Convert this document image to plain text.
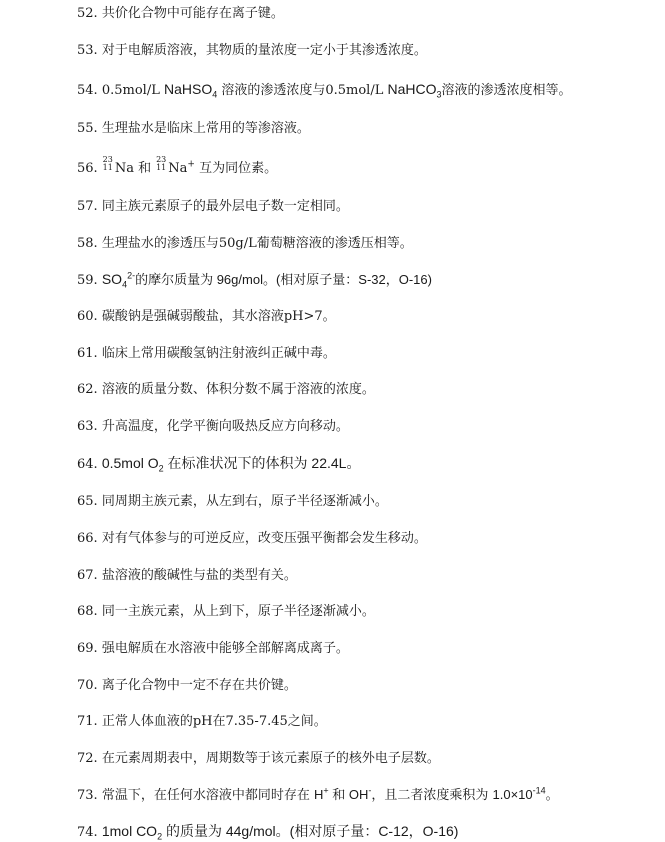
52. 共价化合物中可能存在离子键。
53. 对于电解质溶液，其物质的量浓度一定小于其渗透浓度。
54. 0.5mol/L NaHSO$_4$ 溶液的渗透浓度与0.5mol/L NaHCO$_3$溶液的渗透浓度相等。
55. 生理盐水是临床上常用的等渗溶液。
56.
23
11 Na 和
23
11 Na+ 互为同位素。
57. 同主族元素原子的最外层电子数一定相同。
58. 生理盐水的渗透压与50g/L葡萄糖溶液的渗透压相等。
59. $SO_4^{2-}$的摩尔质量为 96g/mol。(相对原子量：S-32，O-16)
60. 碳酸钠是强碱弱酸盐，其水溶液pH>7。
61. 临床上常用碳酸氢钠注射液纠正碱中毒。
62. 溶液的质量分数、体积分数不属于溶液的浓度。
63. 升高温度，化学平衡向吸热反应方向移动。
64. 0.5mol $O_2$ 在标准状况下的体积为 22.4L。
65. 同周期主族元素，从左到右，原子半径逐渐减小。
66. 对有气体参与的可逆反应，改变压强平衡都会发生移动。
67. 盐溶液的酸碱性与盐的类型有关。
68. 同一主族元素，从上到下，原子半径逐渐减小。
69. 强电解质在水溶液中能够全部解离成离子。
70. 离子化合物中一定不存在共价键。
71. 正常人体血液的pH在7.35-7.45之间。
72. 在元素周期表中，周期数等于该元素原子的核外电子层数。
73. 常温下，在任何水溶液中都同时存在 H+ 和 OH-，且二者浓度乘积为 $1.0\times 10^{-14}$。
74. 1mol $CO_2$ 的质量为 44g/mol。(相对原子量：C-12，O-16)
